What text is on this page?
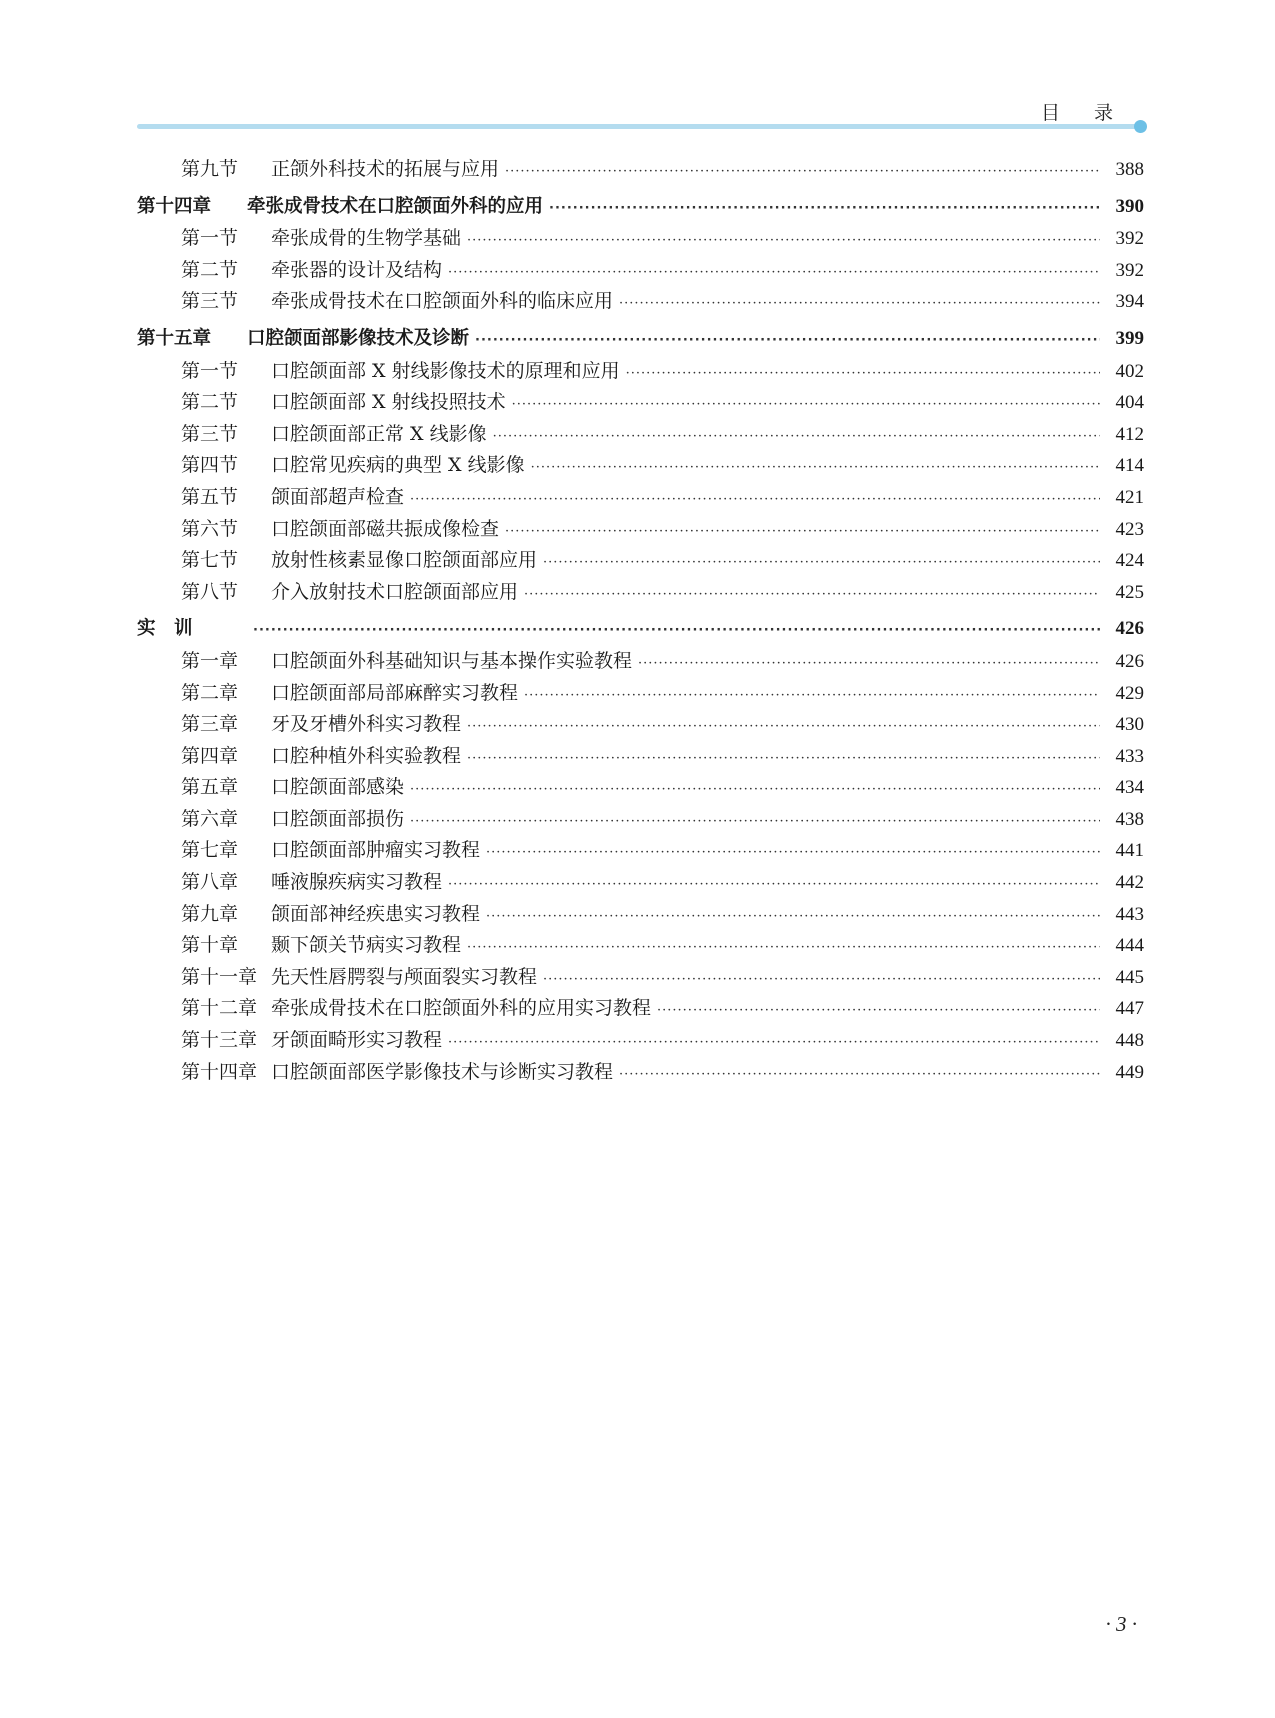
目 录
第九节	正颌外科技术的拓展与应用 ·····	388
第十四章	牵张成骨技术在口腔颌面外科的应用 ·····	390
第一节	牵张成骨的生物学基础 ·····	392
第二节	牵张器的设计及结构 ·····	392
第三节	牵张成骨技术在口腔颌面外科的临床应用 ·····	394
第十五章	口腔颌面部影像技术及诊断 ·····	399
第一节	口腔颌面部 X 射线影像技术的原理和应用 ·····	402
第二节	口腔颌面部 X 射线投照技术 ·····	404
第三节	口腔颌面部正常 X 线影像 ·····	412
第四节	口腔常见疾病的典型 X 线影像 ·····	414
第五节	颌面部超声检查 ·····	421
第六节	口腔颌面部磁共振成像检查 ·····	423
第七节	放射性核素显像口腔颌面部应用 ·····	424
第八节	介入放射技术口腔颌面部应用 ·····	425
实　训 ·····	426
第一章	口腔颌面外科基础知识与基本操作实验教程 ·····	426
第二章	口腔颌面部局部麻醉实习教程 ·····	429
第三章	牙及牙槽外科实习教程 ·····	430
第四章	口腔种植外科实验教程 ·····	433
第五章	口腔颌面部感染 ·····	434
第六章	口腔颌面部损伤 ·····	438
第七章	口腔颌面部肿瘤实习教程 ·····	441
第八章	唾液腺疾病实习教程 ·····	442
第九章	颌面部神经疾患实习教程 ·····	443
第十章	颞下颌关节病实习教程 ·····	444
第十一章 先天性唇腭裂与颅面裂实习教程 ·····	445
第十二章 牵张成骨技术在口腔颌面外科的应用实习教程 ·····	447
第十三章 牙颌面畸形实习教程 ·····	448
第十四章 口腔颌面部医学影像技术与诊断实习教程 ·····	449
· 3 ·
